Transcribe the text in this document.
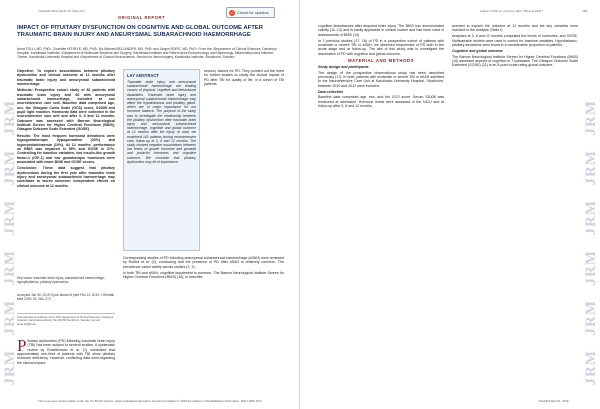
J Rehabil Med 2019; 51: 264–272
ORIGINAL REPORT
✓ Check for updates
JRM
JRM
JRM
JRM
JRM
JRM
IMPACT OF PITUITARY DYSFUNCTION ON COGNITIVE AND GLOBAL OUTCOME AFTER TRAUMATIC BRAIN INJURY AND ANEURYSMAL SUBARACHNOID HAEMORRHAGE
Anna TÖLLI, MD, PhD¹, Charlotte HÖYBYE, MD, PhD², Bo-Michael BELLANDER, MD, PhD³ and Jörgen BORG, MD, PhD¹. From the ¹Department of Clinical Sciences, Danderyd Hospital, Karolinska Institutet, ²Department of Molecular Medicine and Surgery, Karolinska Institutet and Patient Area Endocrinology and Nephrology, Inflammation and Infection Theme, Karolinska University Hospital and ³Department of Clinical Neuroscience, Section for Neurosurgery, Karolinska Institutet, Stockholm, Sweden

Objective: To explore associations between pituitary dysfunction and clinical outcome at 12 months after traumatic brain injury and aneurysmal subarachnoid haemorrhage.

Methods: Prospective cohort study of 82 patients with traumatic brain injury and 60 with aneurysmal subarachnoid haemorrhage, included at one neurointensive care unit. Baseline data comprised age, sex, the Glasgow Coma Scale (GCS) score, S100B and pupil light reaction. Hormonal data were collected in the neurointensive care unit and after 3, 6 and 12 months. Outcome was assessed with Barrow Neurological Institute Screen for Higher Cerebral Functions (BNIS), Glasgow Outcome Scale Extended (GOSE).

Results: The most frequent hormonal deviations were hypogonadotropic hypogonadism (30%) and hyperprolactinaemia (10%). At 12 months, performance on BNIS was impaired in 55% and GOSE in 37%. Controlling for baseline variables, low insulin-like growth factor-1 (IGF-1) and low gonadotropic hormones were associated with lower BNIS and GOSE scores.

Conclusion: These data suggest that pituitary dysfunctions during the first year after traumatic brain injury and aneurysmal subarachnoid haemorrhage may contribute to worse outcome; independent effects on clinical outcome at 12 months.

Key words: traumatic brain injury; subarachnoid haemorrhage; hypopituitarism; pituitary dysfunction.
Accepted Jan 30, 2019; Epub ahead of print Feb 14, 2019. J Rehabil Med 2019; 51: 264–272
Correspondence address: Anna Tölli, Department of Clinical Sciences, Danderyd Hospital, Karolinska Institutet, SE-182 88 Stockholm, Sweden. E-mail: anna.tolli@ki.se
P ituitary dysfunction (PD) following traumatic brain injury (TBI) has been subject to several studies. A systematic review by Emelifeonwu et al. (1) concluded that approximately one-third of patients with TBI show pituitary hormone deficiency. However, conflicting data exist regarding the clinical impact.
LAY ABSTRACT
Traumatic brain injury and aneurysmal subarachnoid haemorrhage are leading causes of physical, cognitive and behavioural disabilities. Traumatic brain injury and aneurysmal subarachnoid haemorrhage may affect the hypothalamus and pituitary gland, which are of major importance for our hormone balance. The purpose of the study was to investigate the relationship between the pituitary dysfunction after traumatic brain injury and aneurysmal subarachnoid haemorrhage, cognitive and global outcome at 12 months after the injury. In total, we examined 142 patients during neurointensive care, follow-up at 3, 6 and 12 months. The study showed negative associations between low levels of growth hormone and gonadal and prolactin hormones and cognitive outcome. We conclude that pituitary dysfunction may be of importance.

second, factors for PD. They pointed out the need for further studies to clarify the clinical impact of PD after TBI for quality of life, in a cohort of TBI patients.

Corresponding studies of PD following aneurysmal subarachnoid haemorrhage (aSAH) were reviewed by Robba et al. (2), concluding that the presence of PD after aSAH is relatively common. The prevalence varies widely across studies (2, 3).

In both TBI and aSAH, cognitive impairment is common. The Barrow Neurological Institute Screen for Higher Cerebral Functions (BNIS) (10), to describe

This is an open access article under the CC BY-NC license. www.medicaljournals.se/jrm Journal Compilation © 2019 Foundation of Rehabilitation Information. ISSN 1650-1977
Impact of PD on outcome after TBI and aSAH	265
JRM
JRM
JRM
JRM
JRM
JRM

cognitive disturbances after acquired brain injury. The BNIS has demonstrated validity (11–13) and is easily applicable in clinical routine and has been used in assessments of BNIS (14).

In 2 previous studies (17, 18) of PD in a prospective cohort of patients with moderate or severe TBI or aSAH, we observed frequencies of PD both in the acute stage and at follow-up. The aim of this study was to investigate the association of PD with cognitive and global outcome.

MATERIAL AND METHODS
Study design and participants

The design of the prospective observational study has been described previously (17). In brief, patients with moderate or severe TBI or aSAH admitted to the Neurointensive Care Unit at Karolinska University Hospital, Stockholm, between 2010 and 2012 were included.

Data collection

Baseline data comprised age, sex, and the GCS score. Serum S100B was measured at admission. Hormone levels were assessed in the NICU and at follow-up after 3, 6 and 12 months.

seemed to explain the outcome at 12 months and the key variables were included in the analysis (Table I).

Analyses at 3, 6 and 12 months comprised the levels of hormones, and GOSE. Multivariable models were used to control for baseline variables. Hypothalamic-pituitary deviations were found in a considerable proportion of patients.

Cognitive and global outcome

The Barrow Neurological Institute Screen for Higher Cerebral Functions (BNIS) (10) assesses aspects of cognition in 7 subscales. The Glasgow Outcome Scale Extended (GOSE) (21) is an 8-point scale rating global outcome.

J Rehabil Med 51, 2019
